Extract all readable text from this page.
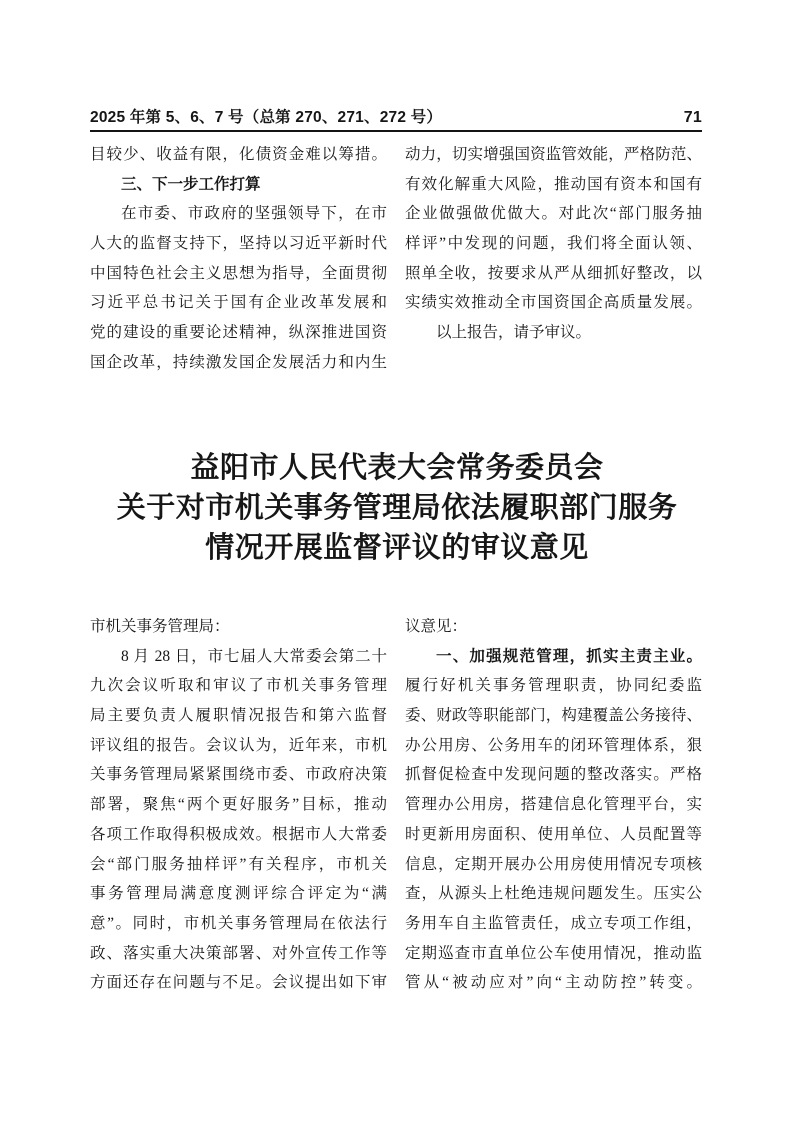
2025 年第 5、6、7 号（总第 270、271、272 号）	71
目较少、收益有限，化债资金难以筹措。
三、下一步工作打算
在市委、市政府的坚强领导下，在市
人大的监督支持下，坚持以习近平新时代
中国特色社会主义思想为指导，全面贯彻
习近平总书记关于国有企业改革发展和
党的建设的重要论述精神，纵深推进国资
国企改革，持续激发国企发展活力和内生
动力，切实增强国资监管效能，严格防范、
有效化解重大风险，推动国有资本和国有
企业做强做优做大。对此次“部门服务抽
样评”中发现的问题，我们将全面认领、
照单全收，按要求从严从细抓好整改，以
实绩实效推动全市国资国企高质量发展。
以上报告，请予审议。
益阳市人民代表大会常务委员会
关于对市机关事务管理局依法履职部门服务
情况开展监督评议的审议意见
市机关事务管理局：
8 月 28 日，市七届人大常委会第二十
九次会议听取和审议了市机关事务管理
局主要负责人履职情况报告和第六监督
评议组的报告。会议认为，近年来，市机
关事务管理局紧紧围绕市委、市政府决策
部署，聚焦“两个更好服务”目标，推动
各项工作取得积极成效。根据市人大常委
会“部门服务抽样评”有关程序，市机关
事务管理局满意度测评综合评定为“满
意”。同时，市机关事务管理局在依法行
政、落实重大决策部署、对外宣传工作等
方面还存在问题与不足。会议提出如下审
议意见：
一、加强规范管理，抓实主责主业。
履行好机关事务管理职责，协同纪委监
委、财政等职能部门，构建覆盖公务接待、
办公用房、公务用车的闭环管理体系，狠
抓督促检查中发现问题的整改落实。严格
管理办公用房，搭建信息化管理平台，实
时更新用房面积、使用单位、人员配置等
信息，定期开展办公用房使用情况专项核
查，从源头上杜绝违规问题发生。压实公
务用车自主监管责任，成立专项工作组，
定期巡查市直单位公车使用情况，推动监
管从“被动应对”向“主动防控”转变。
